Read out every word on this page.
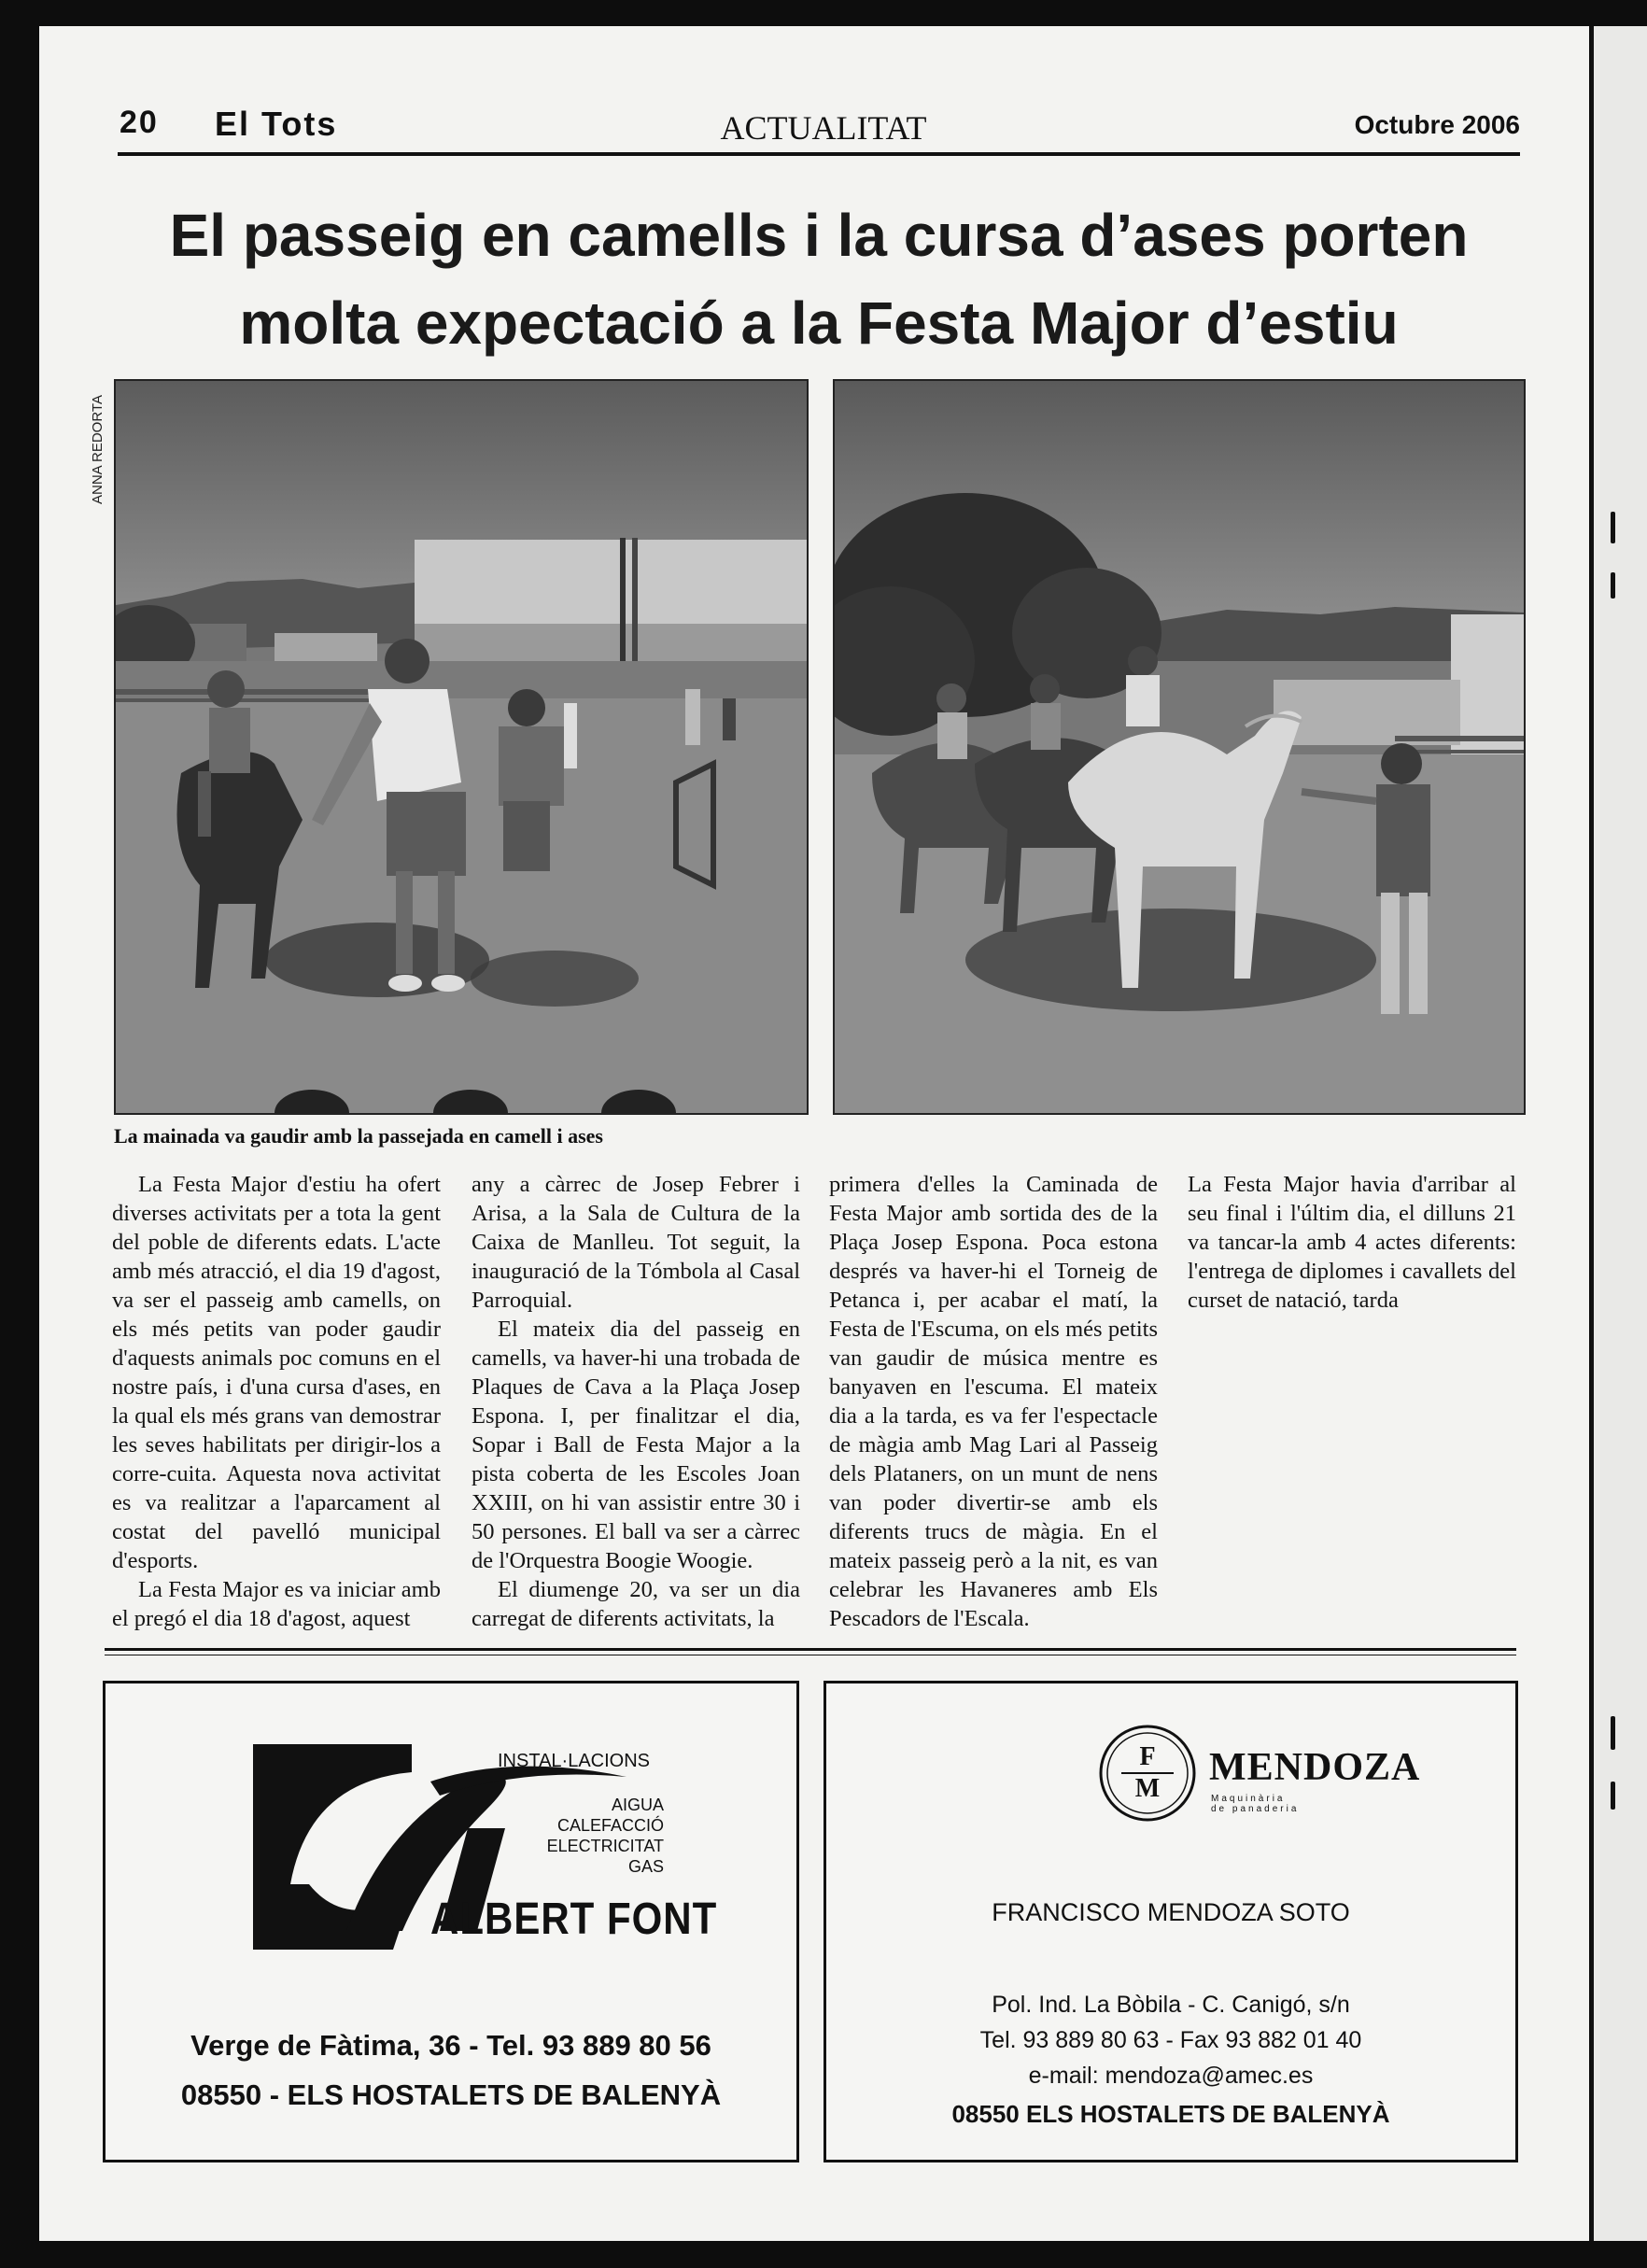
20 El Tots	ACTUALITAT	Octubre 2006
El passeig en camells i la cursa d’ases porten molta expectació a la Festa Major d’estiu
ANNA REDORTA
La mainada va gaudir amb la passejada en camell i ases

La Festa Major d'estiu ha ofert diverses activitats per a tota la gent del poble de diferents edats. L'acte amb més atracció, el dia 19 d'agost, va ser el passeig amb camells, on els més petits van poder gaudir d'aquests animals poc comuns en el nostre país, i d'una cursa d'ases, en la qual els més grans van demostrar les seves habilitats per dirigir-los a corre-cuita. Aquesta nova activitat es va realitzar a l'aparcament al costat del pavelló municipal d'esports.

La Festa Major es va iniciar amb el pregó el dia 18 d'agost, aquest

any a càrrec de Josep Febrer i Arisa, a la Sala de Cultura de la Caixa de Manlleu. Tot seguit, la inauguració de la Tómbola al Casal Parroquial.

El mateix dia del passeig en camells, va haver-hi una trobada de Plaques de Cava a la Plaça Josep Espona. I, per finalitzar el dia, Sopar i Ball de Festa Major a la pista coberta de les Escoles Joan XXIII, on hi van assistir entre 30 i 50 persones. El ball va ser a càrrec de l'Orquestra Boogie Woogie.

El diumenge 20, va ser un dia carregat de diferents activitats, la

primera d'elles la Caminada de Festa Major amb sortida des de la Plaça Josep Espona. Poca estona després va haver-hi el Torneig de Petanca i, per acabar el matí, la Festa de l'Escuma, on els més petits van gaudir de música mentre es banyaven en l'escuma. El mateix dia a la tarda, es va fer l'espectacle de màgia amb Mag Lari al Passeig dels Plataners, on un munt de nens van poder divertir-se amb els diferents trucs de màgia. En el mateix passeig però a la nit, es van celebrar les Havaneres amb Els Pescadors de l'Escala.

La Festa Major havia d'arribar al seu final i l'últim dia, el dilluns 21 va tancar-la amb 4 actes diferents: l'entrega de diplomes i cavallets del curset de natació, tarda

INSTAL·LACIONS
AIGUA
CALEFACCIÓ
ELECTRICITAT
GAS
ALBERT FONT
Verge de Fàtima, 36 - Tel. 93 889 80 56
08550 - ELS HOSTALETS DE BALENYÀ
F
M	MENDOZA
Maquinària
de panaderia
FRANCISCO MENDOZA SOTO
Pol. Ind. La Bòbila - C. Canigó, s/n
Tel. 93 889 80 63 - Fax 93 882 01 40
e-mail: mendoza@amec.es
08550 ELS HOSTALETS DE BALENYÀ
